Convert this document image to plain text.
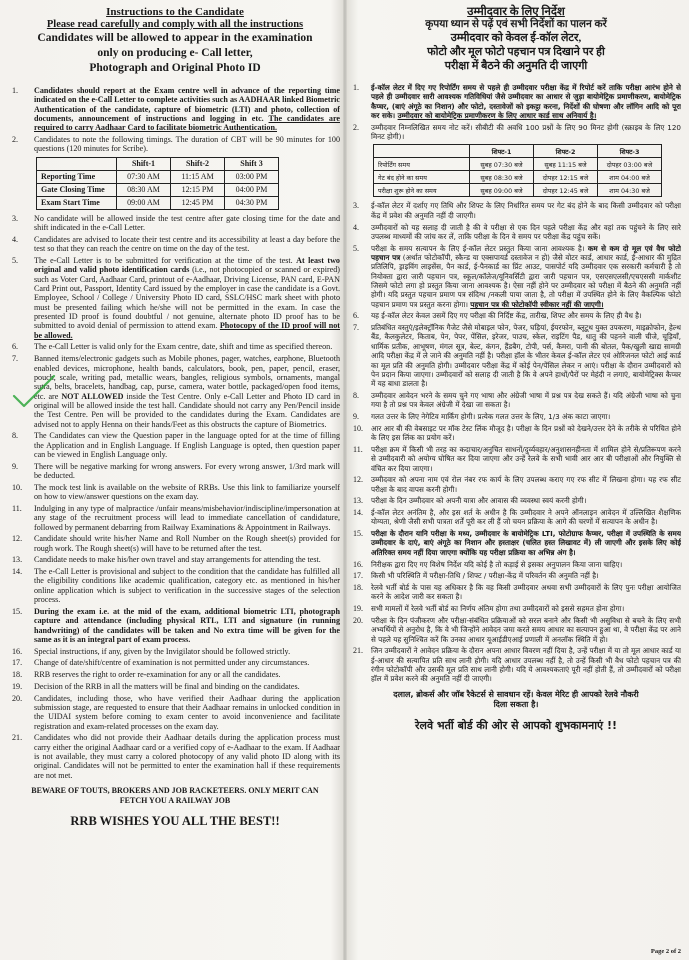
Instructions to the Candidate
Please read carefully and comply with all the instructions
Candidates will be allowed to appear in the examination
only on producing e- Call letter,
Photograph and Original Photo ID
1.	Candidates should report at the Exam centre well in advance of the reporting time indicated on the e-Call Letter to complete activities such as AADHAAR linked Biometric Authentication of the candidate, capture of biometric (LTI) and photo, collection of documents, announcement of instructions and logging in etc. The candidates are required to carry Aadhaar Card to facilitate biometric Authentication.
2.	Candidates to note the following timings. The duration of CBT will be 90 minutes for 100 questions (120 minutes for Scribe).
	Shift-1	Shift-2	Shift 3
Reporting Time	07:30 AM	11:15 AM	03:00 PM
Gate Closing Time	08:30 AM	12:15 PM	04:00 PM
Exam Start Time	09:00 AM	12:45 PM	04:30 PM
3.	No candidate will be allowed inside the test centre after gate closing time for the date and shift indicated in the e-Call Letter.
4.	Candidates are advised to locate their test centre and its accessibility at least a day before the test so that they can reach the centre on time on the day of the test.
5.	The e-Call Letter is to be submitted for verification at the time of the test. At least two original and valid photo identification cards (i.e., not photocopied or scanned or expired) such as Voter Card, Aadhaar Card, printout of e-Aadhaar, Driving License, PAN card, E-PAN Card Print out, Passport, Identity Card issued by the employer in case the candidate is a Govt. Employee, School / College / University Photo ID card, SSLC/HSC mark sheet with photo must be presented failing which he/she will not be permitted in the exam. In case the presented ID proof is found doubtful / not genuine, alternate photo ID proof has to be submitted to avoid denial of permission to attend exam. Photocopy of the ID proof will not be allowed.
6.	The e-Call Letter is valid only for the Exam centre, date, shift and time as specified thereon.
7.	Banned items/electronic gadgets such as Mobile phones, pager, watches, earphone, Bluetooth enabled devices, microphone, health bands, calculators, book, pen, paper, pencil, eraser, pouch, scale, writing pad, metallic wears, bangles, religious symbols, ornaments, mangal sutra, belts, bracelets, handbag, cap, purse, camera, water bottle, packaged/open food items, etc. are NOT ALLOWED inside the Test Centre. Only e-Call Letter and Photo ID card in original will be allowed inside the test hall. Candidate should not carry any Pen/Pencil inside the Test Centre. Pen will be provided to the candidates during the Exam. Candidates are advised not to apply Henna on their hands/Feet as this obstructs the capture of Biometrics.
8.	The Candidates can view the Question paper in the language opted for at the time of filling the Application and in English Language. If English Language is opted, then question paper can be viewed in English Language only.
9.	There will be negative marking for wrong answers. For every wrong answer, 1/3rd mark will be deducted.
10.	The mock test link is available on the website of RRBs. Use this link to familiarize yourself on how to view/answer questions on the exam day.
11.	Indulging in any type of malpractice /unfair means/misbehavior/indiscipline/impersonation at any stage of the recruitment process will lead to immediate cancellation of candidature, followed by permanent debarring from Railway Examinations & Appointment in Railways.
12.	Candidate should write his/her Name and Roll Number on the Rough sheet(s) provided for rough work. The Rough sheet(s) will have to be returned after the test.
13.	Candidate needs to make his/her own travel and stay arrangements for attending the test.
14.	The e-Call Letter is provisional and subject to the condition that the candidate has fulfilled all the eligibility conditions like academic qualification, category etc. as mentioned in his/her online application which is subject to verification in the successive stages of the selection process.
15.	During the exam i.e. at the mid of the exam, additional biometric LTI, photograph capture and attendance (including physical RTL, LTI and signature (in running handwriting) of the candidates will be taken and No extra time will be given for the same as it is an integral part of exam process.
16.	Special instructions, if any, given by the Invigilator should be followed strictly.
17.	Change of date/shift/centre of examination is not permitted under any circumstances.
18.	RRB reserves the right to order re-examination for any or all the candidates.
19.	Decision of the RRB in all the matters will be final and binding on the candidates.
20.	Candidates, including those, who have verified their Aadhaar during the application submission stage, are requested to ensure that their Aadhaar remains in unlocked condition in the UIDAI system before coming to exam center to avoid inconvenience and facilitate registration and exam-related processes on the exam day.
21.	Candidates who did not provide their Aadhaar details during the application process must carry either the original Aadhaar card or a verified copy of e-Aadhaar to the exam. If Aadhaar is not available, they must carry a colored photocopy of any valid photo ID along with its original. Candidates will not be permitted to enter the examination hall if these requirements are not met.
BEWARE OF TOUTS, BROKERS AND JOB RACKETEERS. ONLY MERIT CAN
FETCH YOU A RAILWAY JOB
RRB WISHES YOU ALL THE BEST!!
उम्मीदवार के लिए निर्देश
कृपया ध्यान से पढ़ें एवं सभी निर्देशों का पालन करें
उम्मीदवार को केवल ई-कॉल लेटर,
फोटो और मूल फोटो पहचान पत्र दिखाने पर ही
परीक्षा में बैठने की अनुमति दी जाएगी
1.	ई-कॉल लेटर में दिए गए रिपोर्टिंग समय से पहले ही उम्मीदवार परीक्षा केंद्र में रिपोर्ट करें ताकि परीक्षा आरंभ होने से पहले ही उम्मीदवार सारी आवश्यक गतिविधियां जैसे उम्मीदवार का आधार से जुड़ा बायोमेट्रिक प्रमाणीकरण, बायोमेट्रिक कैप्चर, (बाएं अंगूठे का निशान) और फोटो, दस्तावेजों को इकट्ठा करना, निर्देशों की घोषणा और लॉगिन आदि को पूरा कर सके। उम्मीदवार को बायोमेट्रिक प्रमाणीकरण के लिए आधार कार्ड साथ अनिवार्य है।
2.	उम्मीदवार निम्नलिखित समय नोट करें। सीबीटी की अवधि 100 प्रश्नों के लिए 90 मिनट होगी (स्क्राइब के लिए 120 मिनट होगी)।
	शिफ्ट-1	शिफ्ट-2	शिफ्ट-3
रिपोर्टिंग समय	सुबह 07:30 बजे	सुबह 11:15 बजे	दोपहर 03:00 बजे
गेट बंद होने का समय	सुबह 08:30 बजे	दोपहर 12:15 बजे	शाम 04:00 बजे
परीक्षा शुरू होने का समय	सुबह 09:00 बजे	दोपहर 12:45 बजे	शाम 04:30 बजे
3.	ई-कॉल लेटर में दर्शाए गए तिथि और शिफ्ट के लिए निर्धारित समय पर गेट बंद होने के बाद किसी उम्मीदवार को परीक्षा केंद्र में प्रवेश की अनुमति नहीं दी जाएगी।
4.	उम्मीदवारों को यह सलाह दी जाती है की वे परीक्षा से एक दिन पहले परीक्षा केंद्र और वहां तक पहुंचने के लिए सारे उपलब्ध माध्यमों की जांच कर लें, ताकि परीक्षा के दिन वे समय पर परीक्षा केंद्र पहुंच सकें।
5.	परीक्षा के समय सत्यापन के लिए ई-कॉल लेटर प्रस्तुत किया जाना आवश्यक है। कम से कम दो मूल एवं वैध फोटो पहचान पत्र (अर्थात फोटोकॉपी, स्कैन्ड या एक्सपायर्ड दस्तावेज न हो) जैसे वोटर कार्ड, आधार कार्ड, ई-आधार की मुद्रित प्रतिलिपि, ड्राइविंग लाइसेंस, पैन कार्ड, ई-पैनकार्ड का प्रिंट आउट, पासपोर्ट यदि उम्मीदवार एक सरकारी कर्मचारी है तो नियोक्ता द्वारा जारी पहचान पत्र, स्कूल/कॉलेज/यूनिवर्सिटी द्वारा जारी पहचान पत्र, एसएसएलसी/एचएससी मार्कशीट जिसमे फोटो लगा हो प्रस्तुत किया जाना आवश्यक है। ऐसा नहीं होने पर उम्मीदवार को परीक्षा में बैठने की अनुमति नहीं होगी। यदि प्रस्तुत पहचान प्रमाण पत्र संदिग्ध /नकली पाया जाता है, तो परीक्षा में उपस्थित होने के लिए वैकल्पिक फोटो पहचान प्रमाण पत्र प्रस्तुत करना होगा। पहचान पत्र की फोटोकॉपी स्वीकार नहीं की जाएगी।
6.	यह ई-कॉल लेटर केवल उसमें दिए गए परीक्षा की निर्दिष्ट केंद्र, तारीख, शिफ्ट और समय के लिए ही वैध है।
7.	प्रतिबंधित वस्तुएं/इलेक्ट्रॉनिक गैजेट जैसे मोबाइल फोन, पेजर, घड़ियां, ईयरफोन, ब्लूटूथ युक्त उपकरण, माइक्रोफोन, हेल्थ बैंड, कैलकुलेटर, किताब, पेन, पेपर, पेंसिल, इरेजर, पाउच, स्केल, राइटिंग पैड, धातु की पहनने वाली चीजे, चूड़ियाँ, धार्मिक प्रतीक, आभूषण, मंगल सूत्र, बेल्ट, कंगन, हैंडबैग, टोपी, पर्स, कैमरा, पानी की बोतल, पैक/खुली खाद्य सामग्री आदि परीक्षा केंद्र में ले जाने की अनुमति नहीं है। परीक्षा हॉल के भीतर केवल ई-कॉल लेटर एवं ओरिजनल फोटो आई कार्ड का मूल प्रति की अनुमति होगी। उम्मीदवार परीक्षा केंद्र में कोई पेन/पेंसिल लेकर न आएं। परीक्षा के दौरान उम्मीदवारों को पेन प्रदान किया जाएगा। उम्मीदवारों को सलाह दी जाती है कि वे अपने हाथों/पैरों पर मेहंदी न लगाएं, बायोमेट्रिक्स कैप्चर में यह बाधा डालता है।
8.	उम्मीदवार आवेदन भरने के समय चुने गए भाषा और अंग्रेजी भाषा में प्रश्न पत्र देख सकते हैं। यदि अंग्रेजी भाषा को चुना गया है तो प्रश्न पत्र केवल अंग्रेजी में देखा जा सकता है।
9.	गलत उत्तर के लिए नेगेटिव मार्किंग होगी। प्रत्येक गलत उत्तर के लिए, 1/3 अंक काटा जाएगा।
10.	आर आर बी की वेबसाइट पर मॉक टेस्ट लिंक मौजूद है। परीक्षा के दिन प्रश्नों को देखने/उत्तर देने के तरीके से परिचित होने के लिए इस लिंक का प्रयोग करें।
11.	परीक्षा क्रम में किसी भी तरह का कदाचार/अनुचित साधनों/दुर्व्यवहार/अनुशासनहीनता में शामिल होने से/प्रतिरूपण करने से उम्मीदवारी को अयोग्य घोषित कर दिया जाएगा और उन्हें रेलवे के सभी भावी आर आर बी परीक्षाओं और नियुक्ति से वंचित कर दिया जाएगा।
12.	उम्मीदवार को अपना नाम एवं रोल नंबर रफ कार्य के लिए उपलब्ध कराए गए रफ सीट में लिखना होगा। यह रफ सीट परीक्षा के बाद वापस करनी होगी।
13.	परीक्षा के दिन उम्मीदवार को अपनी यात्रा और आवास की व्यवस्था स्वयं करनी होगी।
14.	ई-कॉल लेटर अनंतिम है, और इस शर्त के अधीन है कि उम्मीदवार ने अपने ऑनलाइन आवेदन में उल्लिखित शैक्षणिक योग्यता, श्रेणी जैसी सभी पात्रता शर्तें पूरी कर ली हैं जो चयन प्रक्रिया के आगे की चरणों में सत्यापन के अधीन है।
15.	परीक्षा के दौरान यानि परीक्षा के मध्य, उम्मीदवार के बायोमेट्रिक LTI, फोटोग्राफ कैप्चर, परीक्षा में उपस्थिति के समय उम्मीदवार के दाएं, बाएं अंगूठे का निशान और हस्ताक्षर (चलित हस्त लिखावट में) ली जाएगी और इसके लिए कोई अतिरिक्त समय नहीं दिया जाएगा क्योंकि यह परीक्षा प्रक्रिया का अभिन्न अंग है।
16.	निरीक्षक द्वारा दिए गए विशेष निर्देश यदि कोई है तो कड़ाई से इसका अनुपालन किया जाना चाहिए।
17.	किसी भी परिस्थिति में परीक्षा-तिथि / शिफ्ट / परीक्षा-केंद्र में परिवर्तन की अनुमति नहीं है।
18.	रेलवे भर्ती बोर्ड के पास यह अधिकार है कि वह किसी उम्मीदवार अथवा सभी उम्मीदवारों के लिए पुनः परीक्षा आयोजित करने के आदेश जारी कर सकता है।
19.	सभी मामलों में रेलवे भर्ती बोर्ड का निर्णय अंतिम होगा तथा उम्मीदवारों को इससे सहमत होना होगा।
20.	परीक्षा के दिन पंजीकरण और परीक्षा-संबंधित प्रक्रियाओं को सरल बनाने और किसी भी असुविधा से बचने के लिए सभी अभ्यर्थियों से अनुरोध है, कि वे भी जिन्होंने आवेदन जमा करते समय आधार का सत्यापन हुआ था, वे परीक्षा केंद्र पर आने से पहले यह सुनिश्चित करें कि उनका आधार यूआईडीएआई प्रणाली में अनलॉक स्थिति में हो।
21.	जिन उम्मीदवारों ने आवेदन प्रक्रिया के दौरान अपना आधार विवरण नहीं दिया है, उन्हें परीक्षा में या तो मूल आधार कार्ड या ई-आधार की सत्यापित प्रति साथ लानी होगी। यदि आधार उपलब्ध नहीं है, तो उन्हें किसी भी वैध फोटो पहचान पत्र की रंगीन फोटोकॉपी और उसकी मूल प्रति साथ लानी होगी। यदि ये आवश्यकताएं पूरी नहीं होती हैं, तो उम्मीदवारों को परीक्षा हॉल में प्रवेश करने की अनुमति नहीं दी जाएगी।
दलाल, ब्रोकर्स और जॉब रैकेटर्स से सावधान रहें। केवल मेरिट ही आपको रेलवे नौकरी
दिला सकता है।
रेलवे भर्ती बोर्ड की ओर से आपको शुभकामनाएं !!
Page 2 of 2
